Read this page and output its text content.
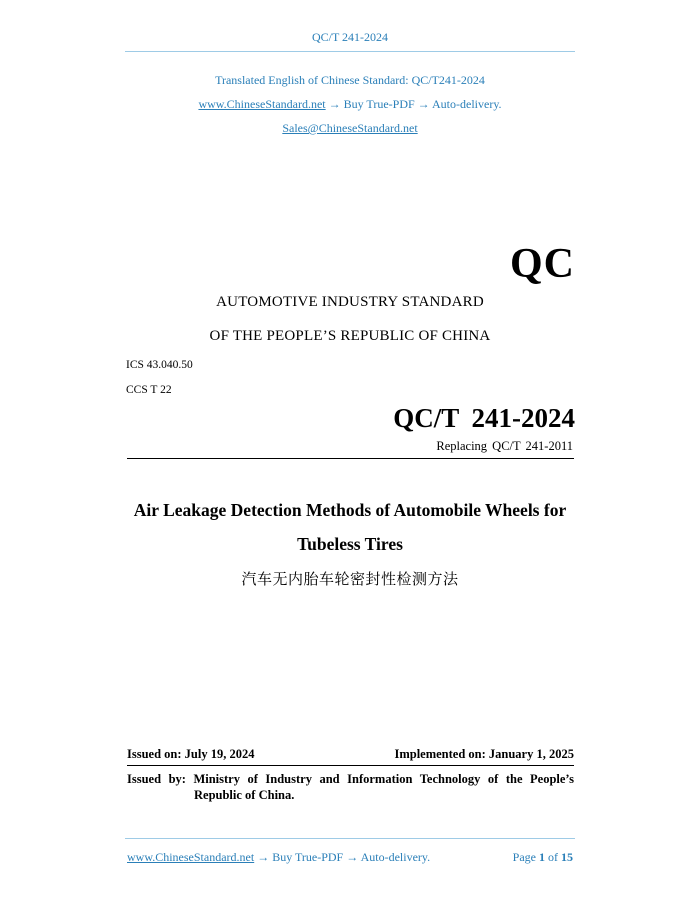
QC/T 241-2024
Translated English of Chinese Standard: QC/T241-2024
www.ChineseStandard.net → Buy True-PDF → Auto-delivery.
Sales@ChineseStandard.net
QC
AUTOMOTIVE INDUSTRY STANDARD
OF THE PEOPLE’S REPUBLIC OF CHINA
ICS 43.040.50
CCS T 22
QC/T 241-2024
Replacing QC/T 241-2011
Air Leakage Detection Methods of Automobile Wheels for
Tubeless Tires
汽车无内胎车轮密封性检测方法
Issued on: July 19, 2024	Implemented on: January 1, 2025
Issued by: Ministry of Industry and Information Technology of the People’s
Republic of China.
www.ChineseStandard.net → Buy True-PDF → Auto-delivery.	Page 1 of 15
